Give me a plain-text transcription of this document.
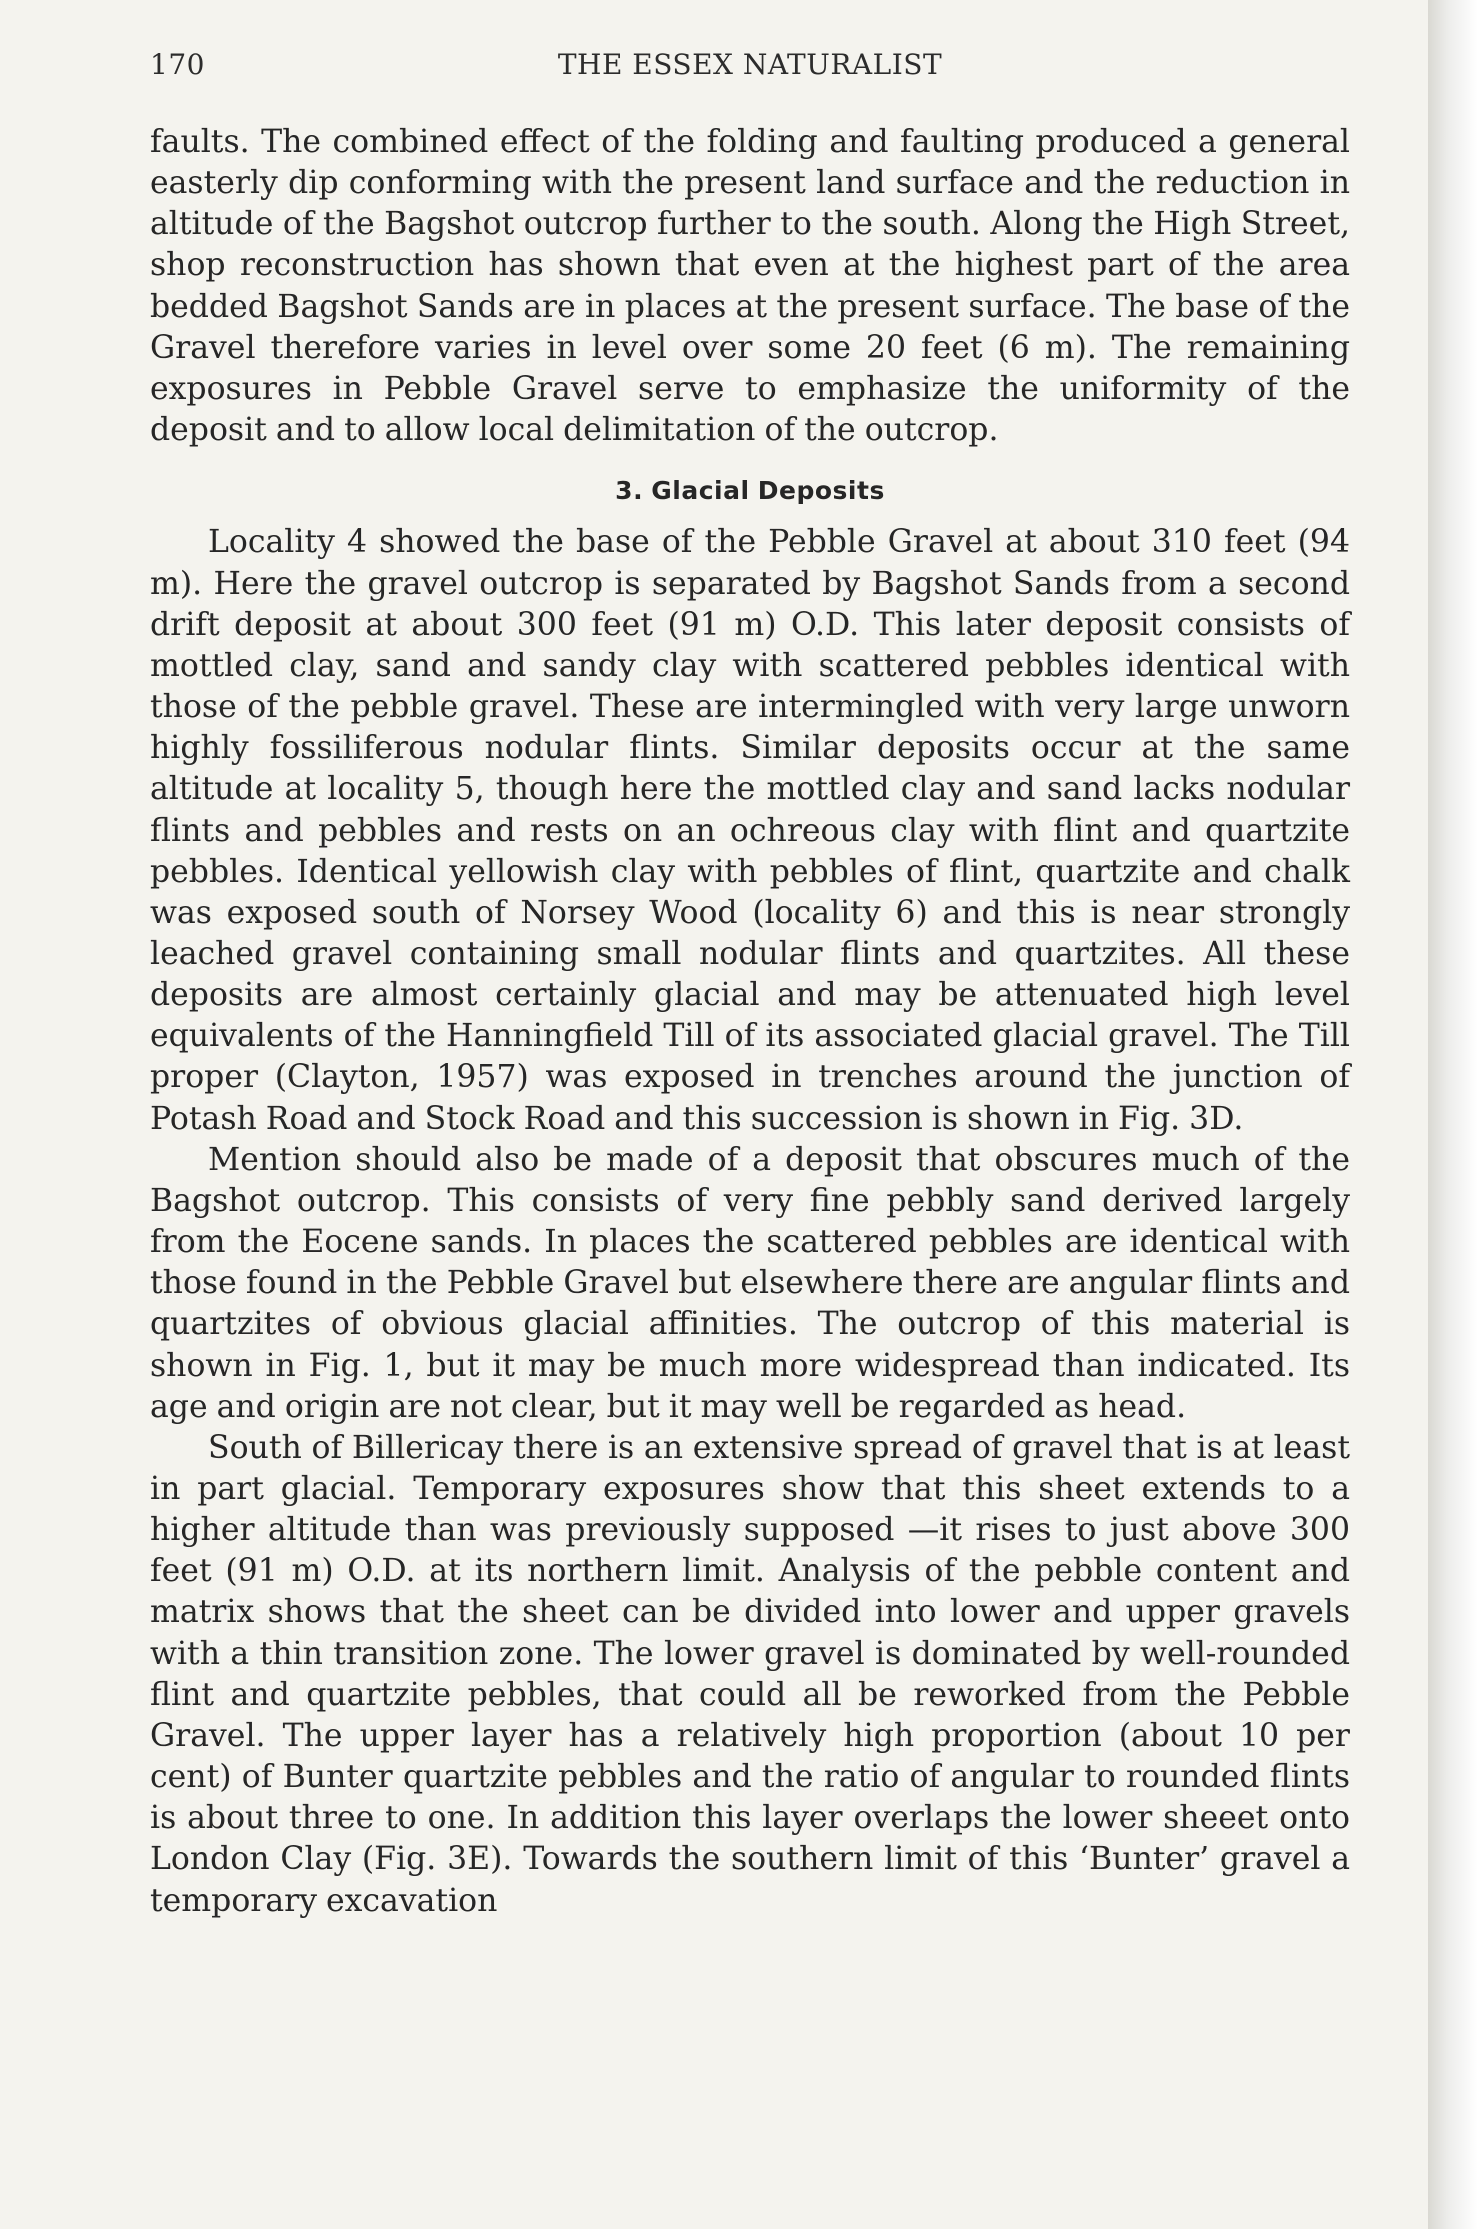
170	THE ESSEX NATURALIST

faults. The combined effect of the folding and faulting produced a general easterly dip conforming with the present land surface and the reduction in altitude of the Bagshot outcrop further to the south. Along the High Street, shop reconstruction has shown that even at the highest part of the area bedded Bagshot Sands are in places at the present surface. The base of the Gravel therefore varies in level over some 20 feet (6 m). The remaining exposures in Pebble Gravel serve to emphasize the uniformity of the deposit and to allow local delimitation of the outcrop.

3. Glacial Deposits

Locality 4 showed the base of the Pebble Gravel at about 310 feet (94 m). Here the gravel outcrop is separated by Bagshot Sands from a second drift deposit at about 300 feet (91 m) O.D. This later deposit consists of mottled clay, sand and sandy clay with scattered pebbles identical with those of the pebble gravel. These are intermingled with very large unworn highly fossiliferous nodular flints. Similar deposits occur at the same altitude at locality 5, though here the mottled clay and sand lacks nodular flints and pebbles and rests on an ochreous clay with flint and quartzite pebbles. Identical yellowish clay with pebbles of flint, quartzite and chalk was exposed south of Norsey Wood (locality 6) and this is near strongly leached gravel containing small nodular flints and quartzites. All these deposits are almost certainly glacial and may be attenuated high level equivalents of the Hanningfield Till of its associated glacial gravel. The Till proper (Clayton, 1957) was exposed in trenches around the junction of Potash Road and Stock Road and this succession is shown in Fig. 3D.

Mention should also be made of a deposit that obscures much of the Bagshot outcrop. This consists of very fine pebbly sand derived largely from the Eocene sands. In places the scattered pebbles are identical with those found in the Pebble Gravel but elsewhere there are angular flints and quartzites of obvious glacial affinities. The outcrop of this material is shown in Fig. 1, but it may be much more widespread than indicated. Its age and origin are not clear, but it may well be regarded as head.

South of Billericay there is an extensive spread of gravel that is at least in part glacial. Temporary exposures show that this sheet extends to a higher altitude than was previously supposed —it rises to just above 300 feet (91 m) O.D. at its northern limit. Analysis of the pebble content and matrix shows that the sheet can be divided into lower and upper gravels with a thin transition zone. The lower gravel is dominated by well-rounded flint and quartzite pebbles, that could all be reworked from the Pebble Gravel. The upper layer has a relatively high proportion (about 10 per cent) of Bunter quartzite pebbles and the ratio of angular to rounded flints is about three to one. In addition this layer overlaps the lower sheeet onto London Clay (Fig. 3E). Towards the southern limit of this ‘Bunter’ gravel a temporary excavation
